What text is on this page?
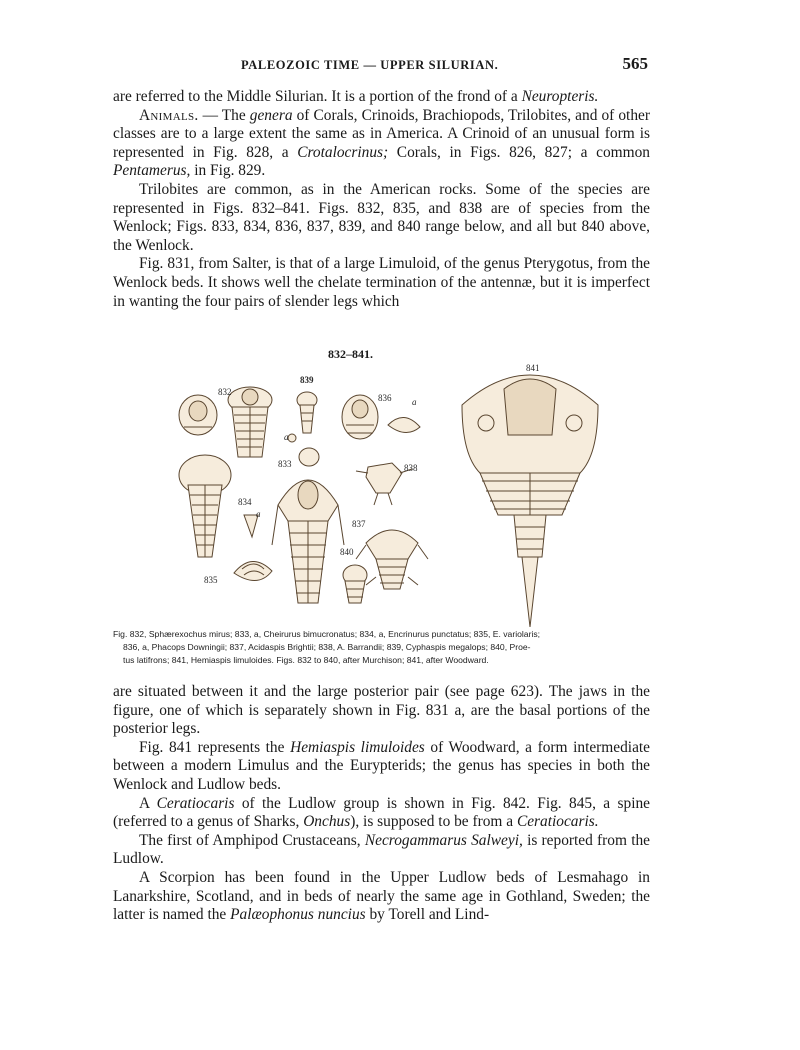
PALEOZOIC TIME — UPPER SILURIAN.	565

are referred to the Middle Silurian. It is a portion of the frond of a Neuropteris.

Animals. — The genera of Corals, Crinoids, Brachiopods, Trilobites, and of other classes are to a large extent the same as in America. A Crinoid of an unusual form is represented in Fig. 828, a Crotalocrinus; Corals, in Figs. 826, 827; a common Pentamerus, in Fig. 829.

Trilobites are common, as in the American rocks. Some of the species are represented in Figs. 832–841. Figs. 832, 835, and 838 are of species from the Wenlock; Figs. 833, 834, 836, 837, 839, and 840 range below, and all but 840 above, the Wenlock.

Fig. 831, from Salter, is that of a large Limuloid, of the genus Pterygotus, from the Wenlock beds. It shows well the chelate termination of the antennæ, but it is imperfect in wanting the four pairs of slender legs which

832–841.
832
833
834
835
836
837
838
839
840
841
a
a
a
Fig. 832, Sphærexochus mirus; 833, a, Cheirurus bimucronatus; 834, a, Encrinurus punctatus; 835, E. variolaris;
836, a, Phacops Downingii; 837, Acidaspis Brightii; 838, A. Barrandii; 839, Cyphaspis megalops; 840, Proe-
tus latifrons; 841, Hemiaspis limuloides. Figs. 832 to 840, after Murchison; 841, after Woodward.

are situated between it and the large posterior pair (see page 623). The jaws in the figure, one of which is separately shown in Fig. 831 a, are the basal portions of the posterior legs.

Fig. 841 represents the Hemiaspis limuloides of Woodward, a form intermediate between a modern Limulus and the Eurypterids; the genus has species in both the Wenlock and Ludlow beds.

A Ceratiocaris of the Ludlow group is shown in Fig. 842. Fig. 845, a spine (referred to a genus of Sharks, Onchus), is supposed to be from a Ceratiocaris.

The first of Amphipod Crustaceans, Necrogammarus Salweyi, is reported from the Ludlow.

A Scorpion has been found in the Upper Ludlow beds of Lesmahago in Lanarkshire, Scotland, and in beds of nearly the same age in Gothland, Sweden; the latter is named the Palæophonus nuncius by Torell and Lind-
